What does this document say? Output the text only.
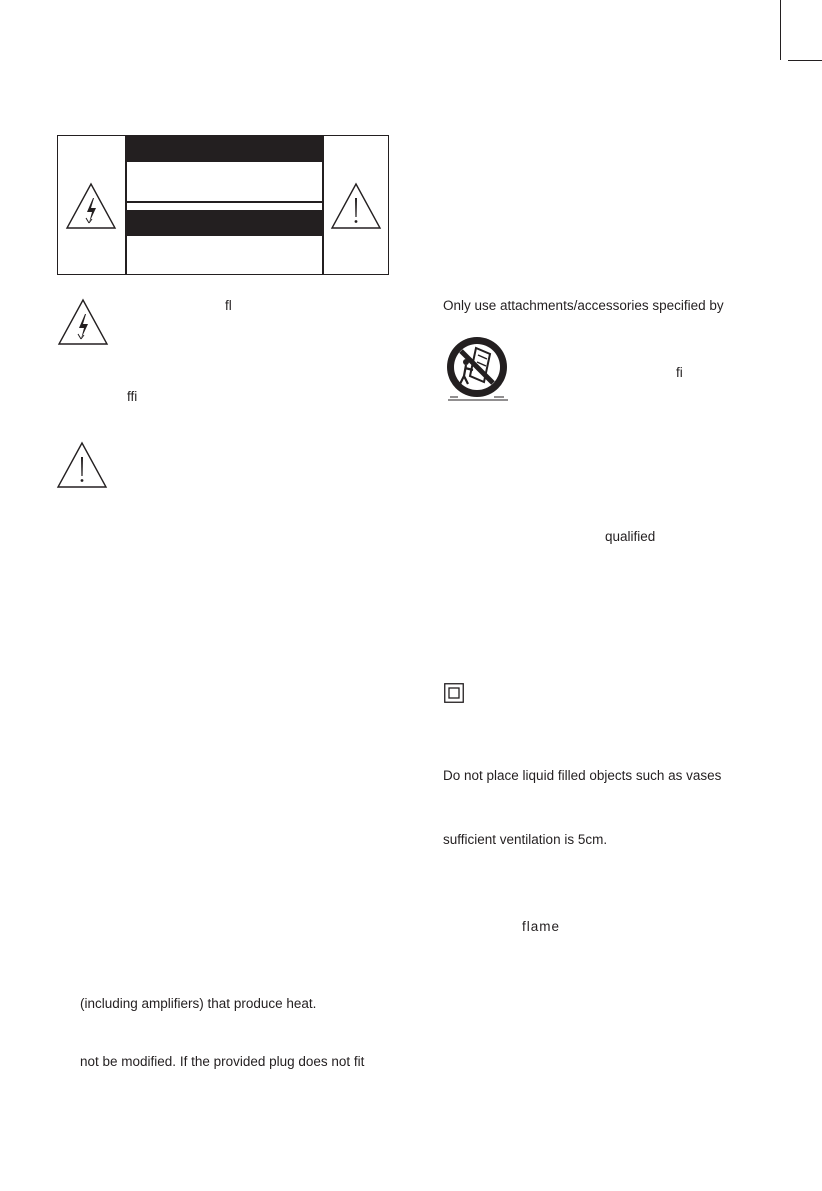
fl
ffi
(including amplifiers) that produce heat.
not be modified. If the provided plug does not fit
Only use attachments/accessories specified by
fi
qualified
Do not place liquid filled objects such as vases
sufficient ventilation is 5cm.
flame
